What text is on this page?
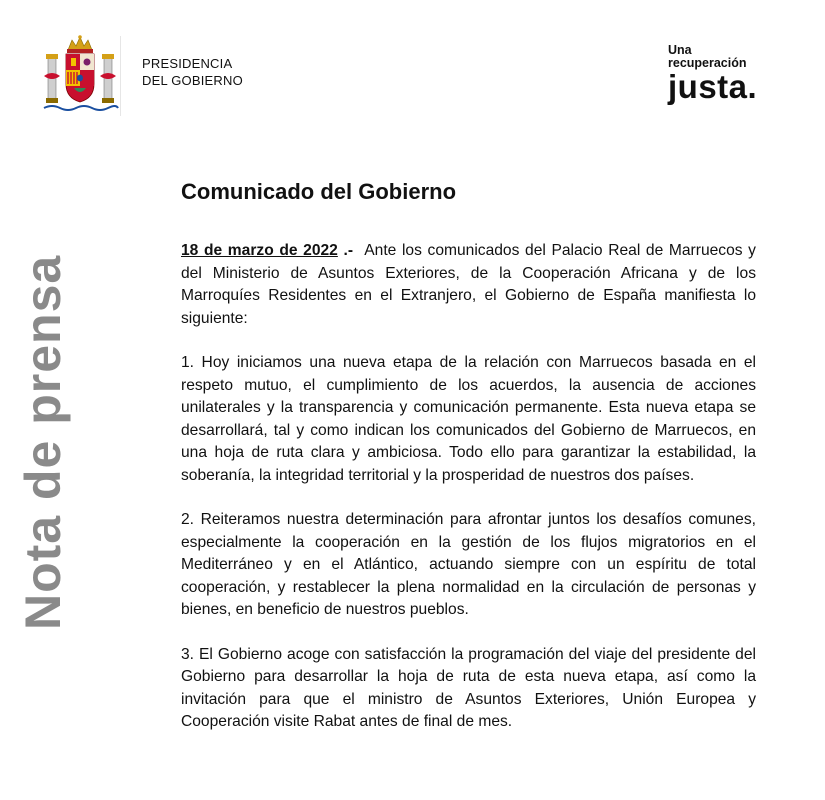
PRESIDENCIA
DEL GOBIERNO
Una
recuperación
justa.
Nota de prensa
Comunicado del Gobierno

18 de marzo de 2022 .- Ante los comunicados del Palacio Real de Marruecos y del Ministerio de Asuntos Exteriores, de la Cooperación Africana y de los Marroquíes Residentes en el Extranjero, el Gobierno de España manifiesta lo siguiente:

1. Hoy iniciamos una nueva etapa de la relación con Marruecos basada en el respeto mutuo, el cumplimiento de los acuerdos, la ausencia de acciones unilaterales y la transparencia y comunicación permanente. Esta nueva etapa se desarrollará, tal y como indican los comunicados del Gobierno de Marruecos, en una hoja de ruta clara y ambiciosa. Todo ello para garantizar la estabilidad, la soberanía, la integridad territorial y la prosperidad de nuestros dos países.

2. Reiteramos nuestra determinación para afrontar juntos los desafíos comunes, especialmente la cooperación en la gestión de los flujos migratorios en el Mediterráneo y en el Atlántico, actuando siempre con un espíritu de total cooperación, y restablecer la plena normalidad en la circulación de personas y bienes, en beneficio de nuestros pueblos.

3. El Gobierno acoge con satisfacción la programación del viaje del presidente del Gobierno para desarrollar la hoja de ruta de esta nueva etapa, así como la invitación para que el ministro de Asuntos Exteriores, Unión Europea y Cooperación visite Rabat antes de final de mes.
